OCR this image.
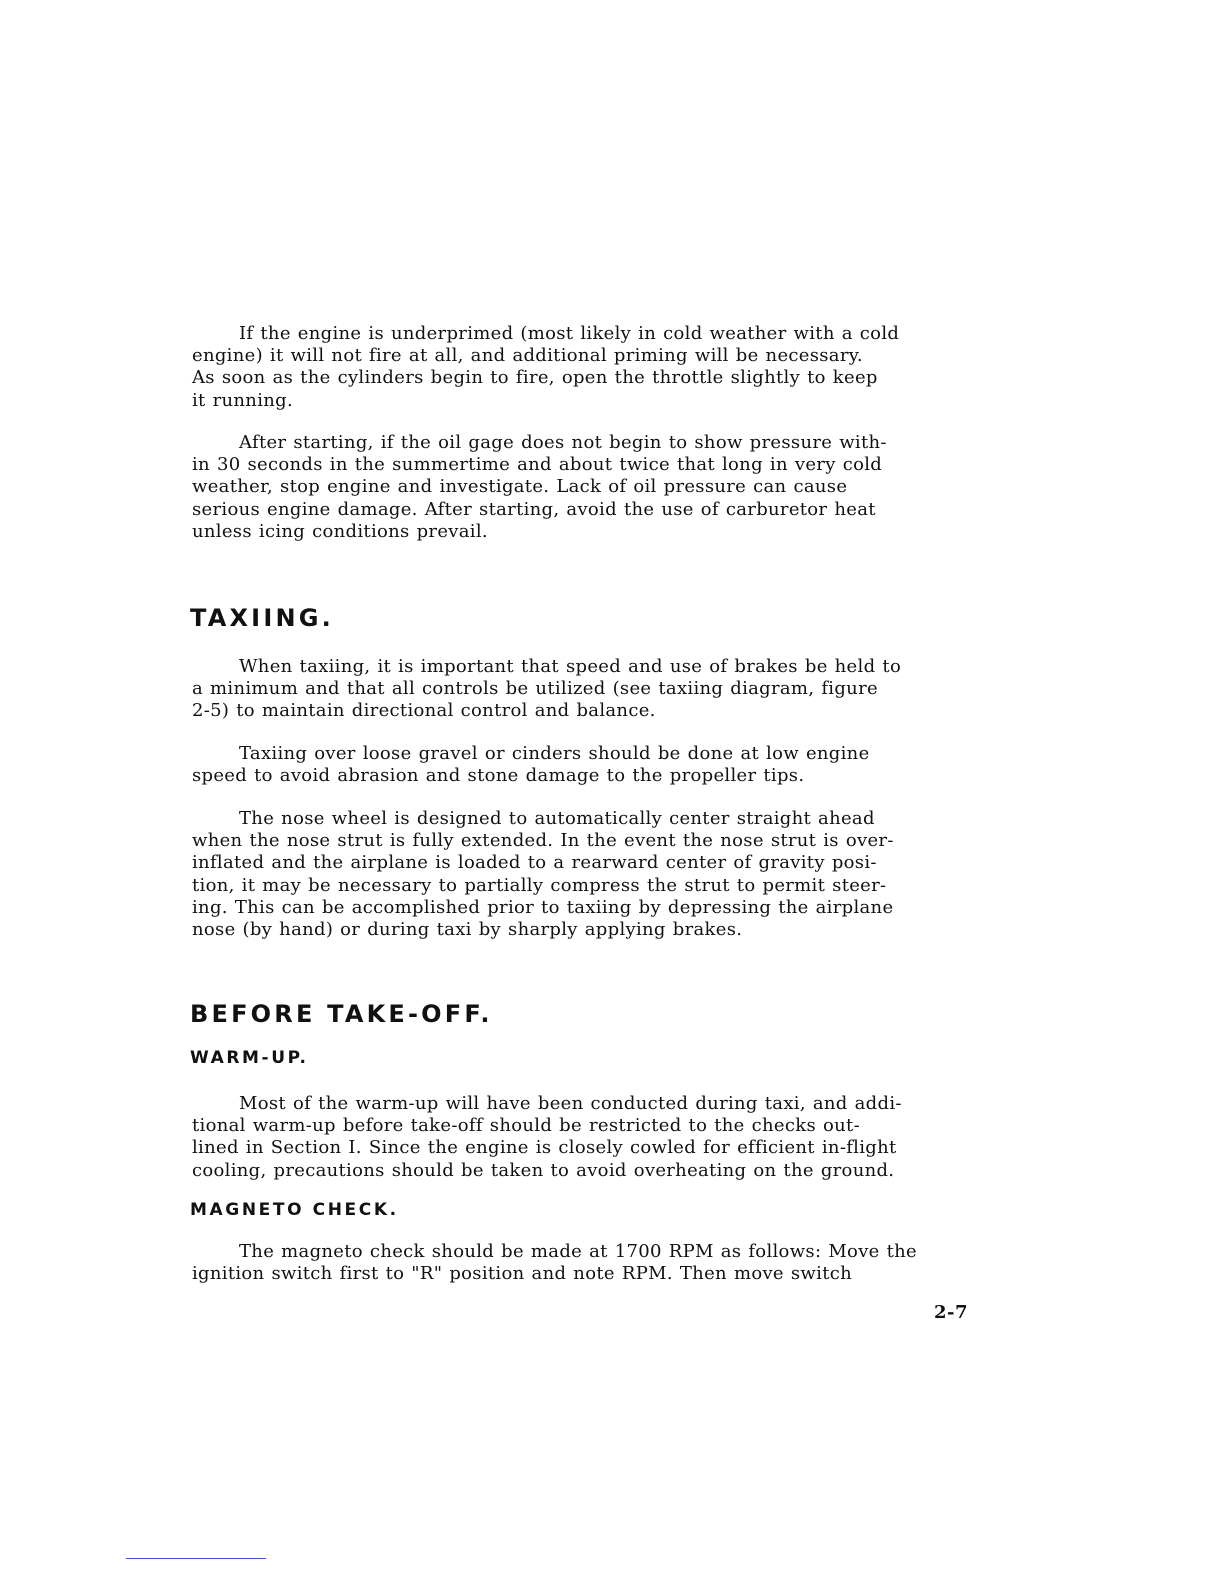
If the engine is underprimed (most likely in cold weather with a cold
engine) it will not fire at all, and additional priming will be necessary.
As soon as the cylinders begin to fire, open the throttle slightly to keep
it running.
After starting, if the oil gage does not begin to show pressure with-
in 30 seconds in the summertime and about twice that long in very cold
weather, stop engine and investigate. Lack of oil pressure can cause
serious engine damage. After starting, avoid the use of carburetor heat
unless icing conditions prevail.
TAXIING.
When taxiing, it is important that speed and use of brakes be held to
a minimum and that all controls be utilized (see taxiing diagram, figure
2-5) to maintain directional control and balance.
Taxiing over loose gravel or cinders should be done at low engine
speed to avoid abrasion and stone damage to the propeller tips.
The nose wheel is designed to automatically center straight ahead
when the nose strut is fully extended. In the event the nose strut is over-
inflated and the airplane is loaded to a rearward center of gravity posi-
tion, it may be necessary to partially compress the strut to permit steer-
ing. This can be accomplished prior to taxiing by depressing the airplane
nose (by hand) or during taxi by sharply applying brakes.
BEFORE TAKE-OFF.
WARM-UP.
Most of the warm-up will have been conducted during taxi, and addi-
tional warm-up before take-off should be restricted to the checks out-
lined in Section I. Since the engine is closely cowled for efficient in-flight
cooling, precautions should be taken to avoid overheating on the ground.
MAGNETO CHECK.
The magneto check should be made at 1700 RPM as follows: Move the
ignition switch first to "R" position and note RPM. Then move switch
2-7
